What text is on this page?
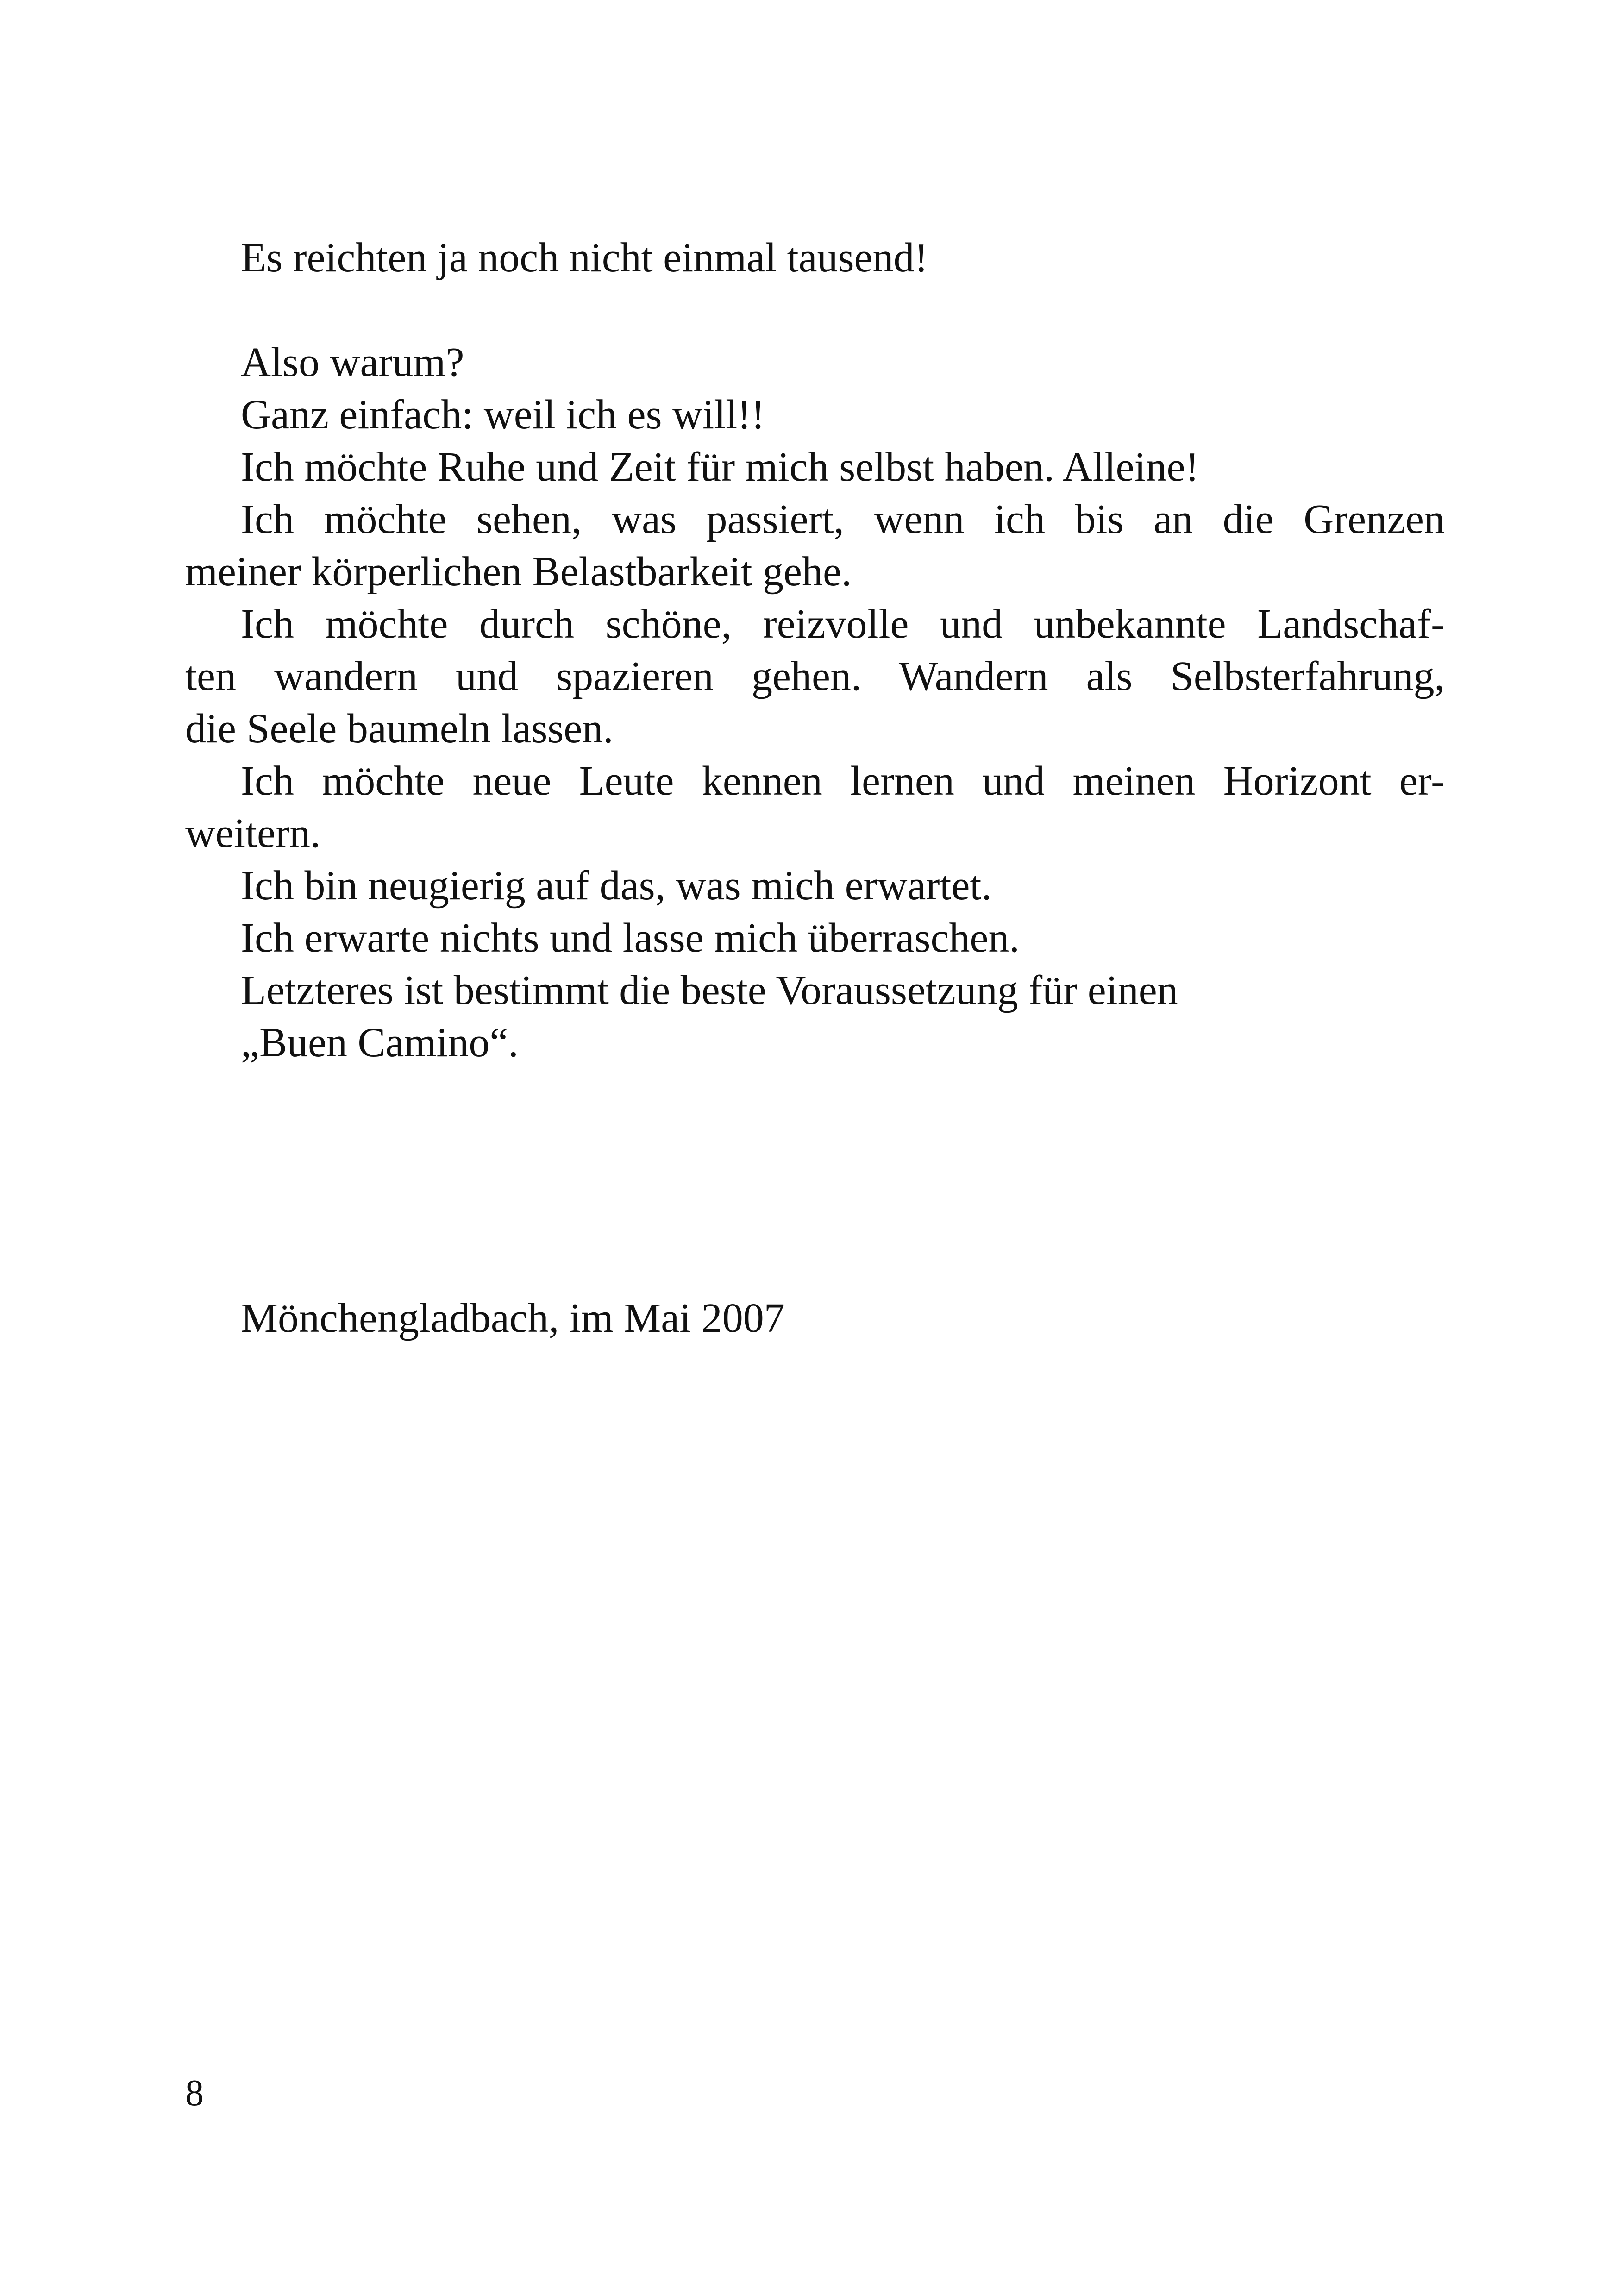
Es reichten ja noch nicht einmal tausend!
Also warum?
Ganz einfach: weil ich es will!!
Ich möchte Ruhe und Zeit für mich selbst haben. Alleine!
Ich möchte sehen, was passiert, wenn ich bis an die Grenzen
meiner körperlichen Belastbarkeit gehe.
Ich möchte durch schöne, reizvolle und unbekannte Landschaf-
ten wandern und spazieren gehen. Wandern als Selbsterfahrung,
die Seele baumeln lassen.
Ich möchte neue Leute kennen lernen und meinen Horizont er-
weitern.
Ich bin neugierig auf das, was mich erwartet.
Ich erwarte nichts und lasse mich überraschen.
Letzteres ist bestimmt die beste Voraussetzung für einen
„Buen Camino“.
Mönchengladbach, im Mai 2007
8
